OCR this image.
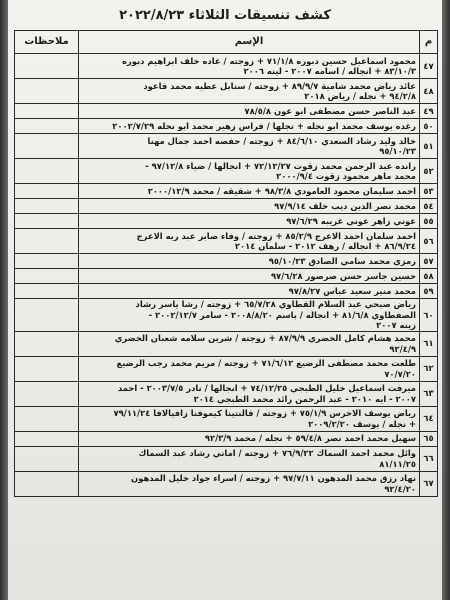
كشف تنسيقات الثلاثاء ٢٠٢٢/٨/٢٣
م	الإسم	ملاحظات
٤٧	محمود اسماعيل حسين دبوره ٧١/١/٨ + زوجته / غاده خلف ابراهيم دبوره
٨٣/١٠/٣ + انجاله / اسامه ٢٠٠٧ - لينه ٢٠٠٦	

٤٨	عائد رياض محمد شامية ٨٩/٩/٧ + زوجته / سنابل عطيه محمد قاعود
٩٤/٢/٨ + نجله / رياض ٢٠١٨	

٤٩	عبد الناصر حسن مصطفى ابو عون ٧٨/٥/٨	

٥٠	رغده يوسف محمد ابو نحله + نجلها / فراس زهير محمد ابو نحله ٢٠٠٢/٧/٢٩	

٥١	خالد وليد رشاد السعدي ٨٤/٦/١٠ + زوجته / حفصه احمد جمال مهنا
٩٥/١٠/٢٣	

٥٢	رانده عبد الرحمن محمد زقوت ٧٢/١٢/٢٧ + انجالها / ضياء ٩٧/١٢/٨ -
محمد ماهر محمود زقوت ٢٠٠٠/٩/٤	

٥٣	احمد سليمان محمود العامودي ٩٨/٣/٨ + شقيقه / محمد ٢٠٠٠/١٢/٩	

٥٤	محمد نصر الدين ديب خلف ٩٧/٩/١٤	

٥٥	عوني زاهر عوني غريبه ٩٧/٦/٢٩	

٥٦	احمد سلمان احمد الاعرج ٨٥/٢/٩ + زوجته / وفاء صابر عبد ربه الاعرج
٨٦/٩/٢٤ + انجاله / رهف ٢٠١٢ - سلمان ٢٠١٤	

٥٧	رمزي محمد سامي الصادق ٩٥/١٠/٢٣	

٥٨	حسين جاسر حسن صرصور ٩٧/٦/٢٨	

٥٩	محمد منير سعيد عباس ٩٧/٨/٢٧	

٦٠	رياض صبحي عبد السلام القطاوي ٦٥/٧/٢٨ + زوجته / رشا ياسر رشاد
الصفطاوي ٨١/٦/٨ + انجاله / باسم ٢٠٠٨/٨/٢٠ - سامر ٢٠٠٢/١٢/٧ -
زينه ٢٠٠٧	

٦١	محمد هشام كامل الخضري ٨٧/٩/٩ + زوجته / شرين سلامه شعبان الخضري
٩٢/٤/٩	

٦٢	طلعت محمد مصطفى الرضيع ٧١/٦/١٢ + زوجته / مريم محمد رجب الرضيع
٧٠/٧/٢٠	

٦٣	ميرفت اسماعيل خليل الطبجي ٧٤/١٢/٢٥ + انجالها / نادر ٢٠٠٣/٧/٥ - احمد
٢٠٠٧ - ايه ٢٠١٠ - عبد الرحمن رائد محمد الطبجي ٢٠١٤	

٦٤	رياض يوسف الاخرس ٧٥/١/٩ + زوجته / فالنتينا كيموفنا زافيالافا ٧٩/١١/٢٤
+ نجله / يوسف ٢٠٠٩/٢/٢٠	

٦٥	سهيل محمد احمد نصر ٥٩/٤/٨ + نجله / محمد ٩٢/٣/٩	

٦٦	وائل محمد احمد السماك ٧٦/٩/٢٢ + زوجته / اماني رشاد عبد السماك
٨١/١١/٢٥	

٦٧	نهاد رزق محمد المدهون ٩٧/٧/١١ + زوجته / اسراء جواد خليل المدهون
٩٢/٤/٢٠	
